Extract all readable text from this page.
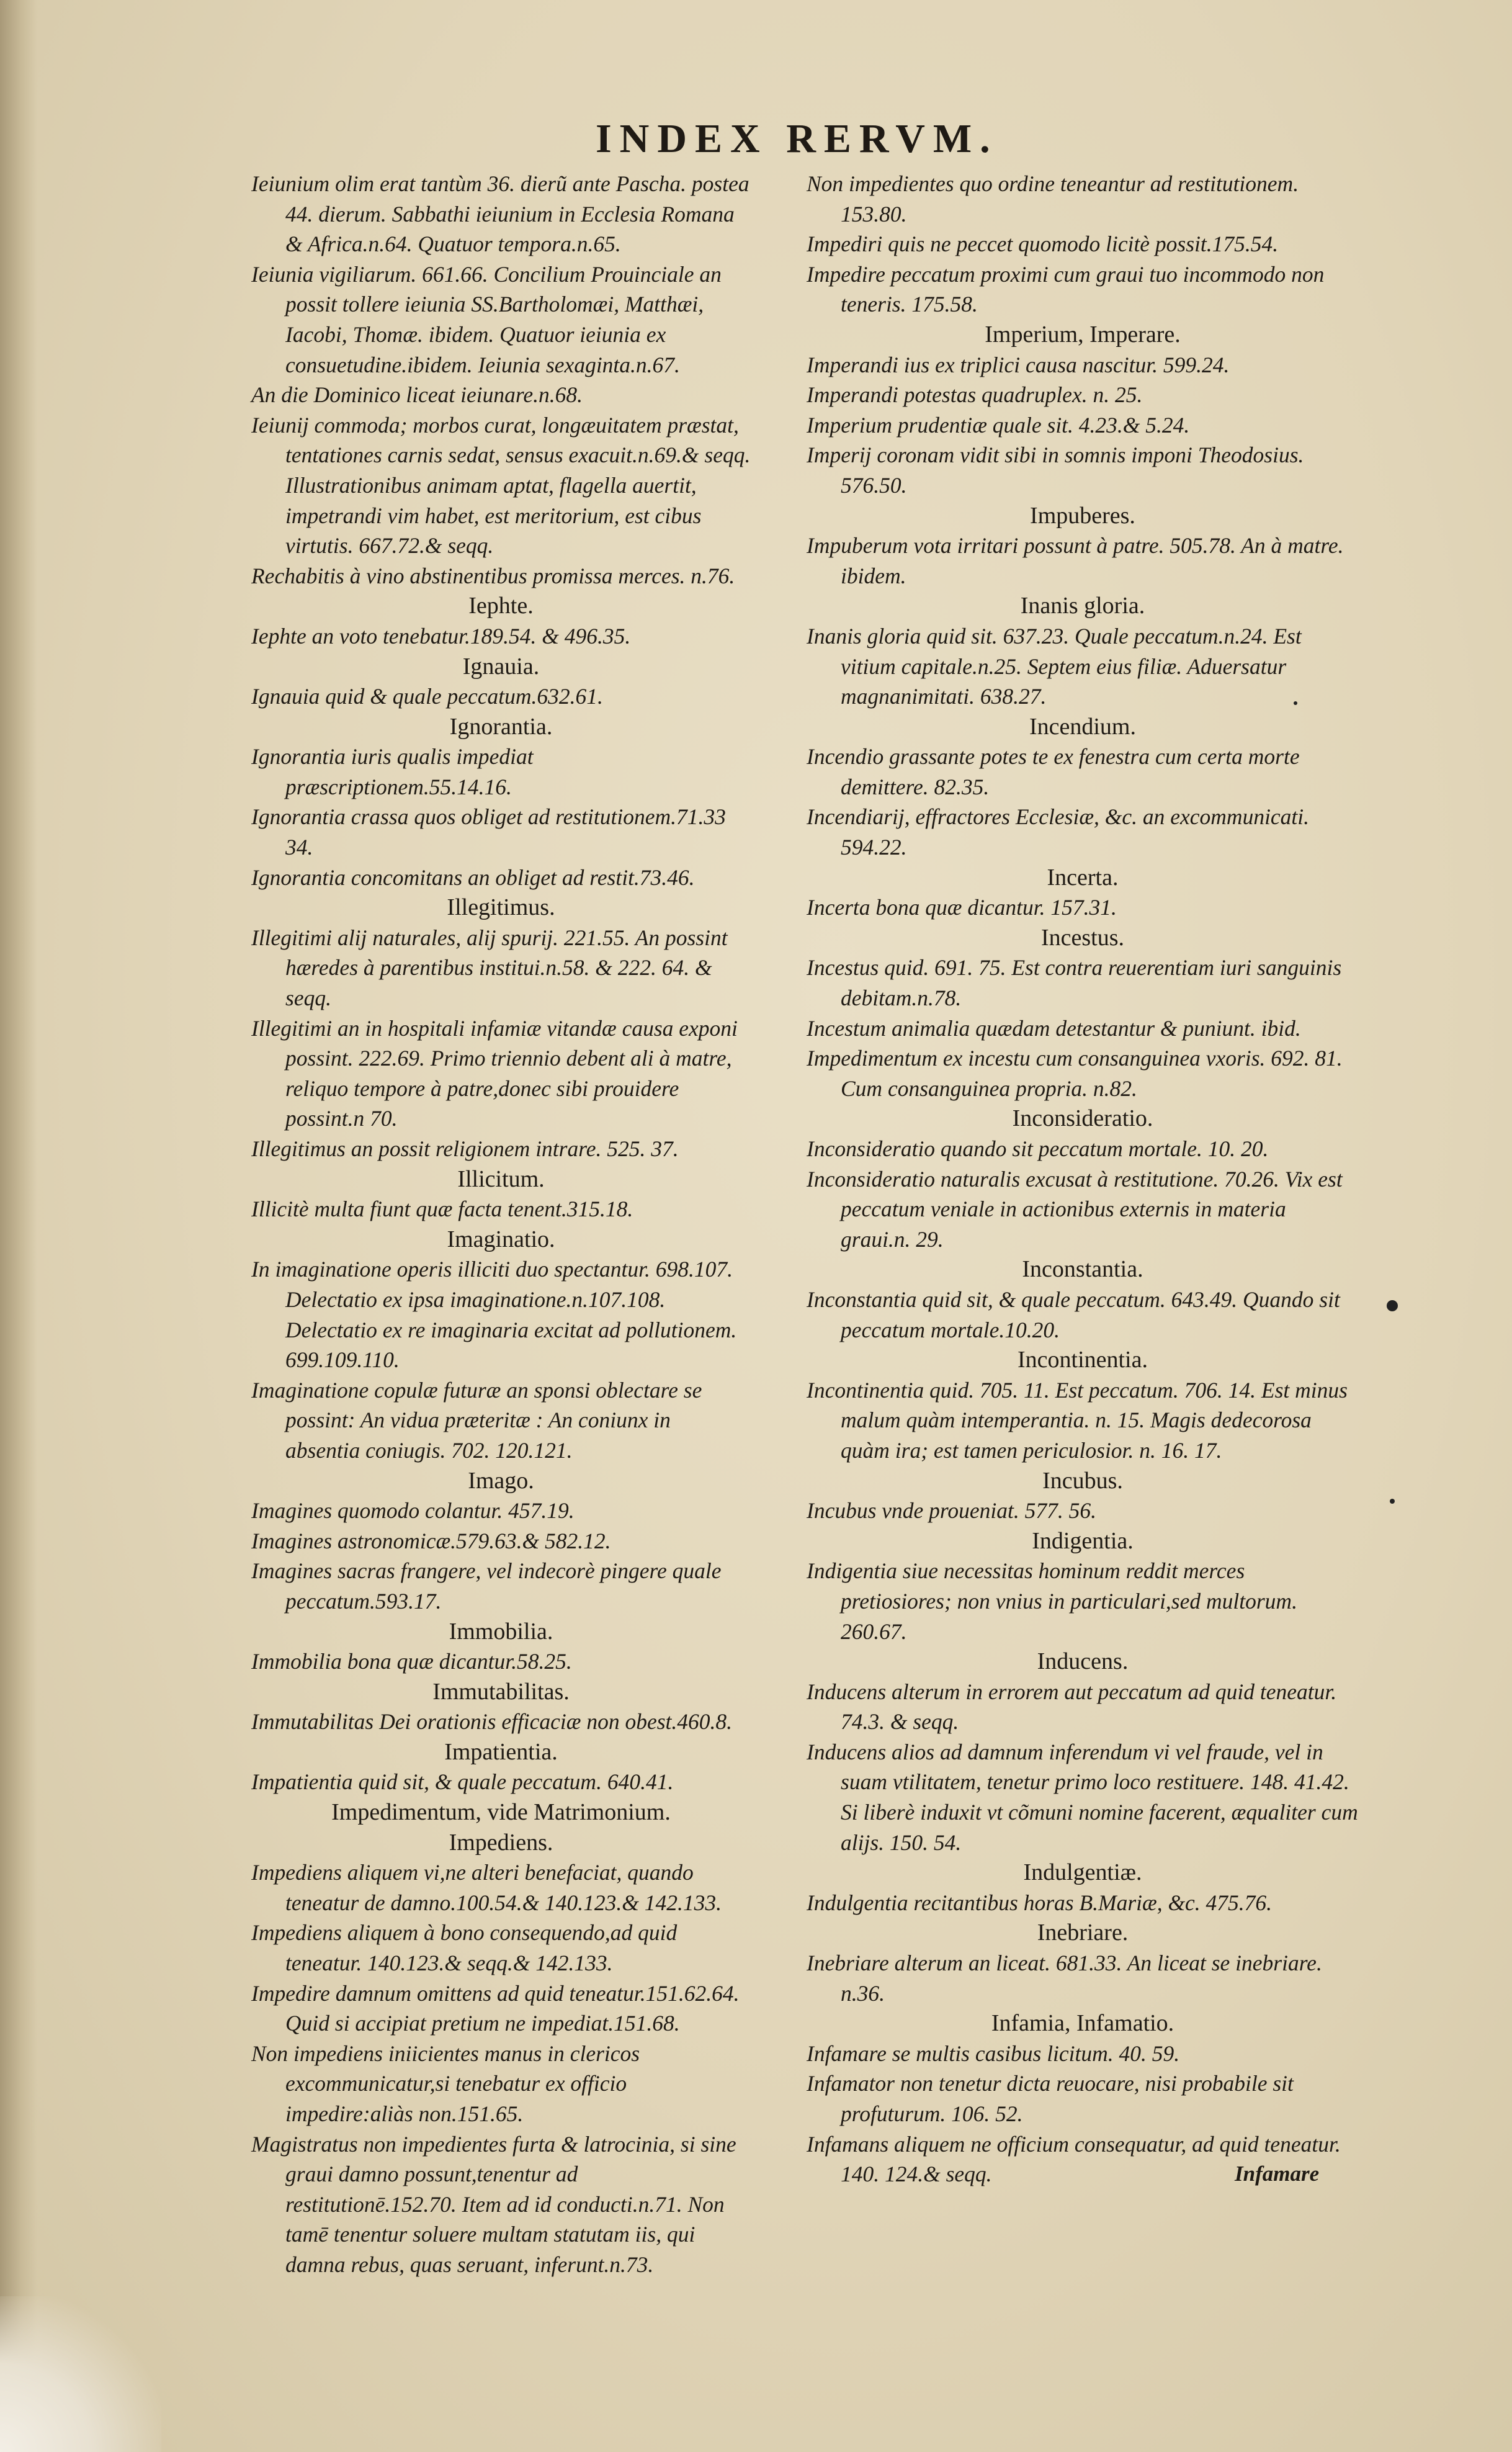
INDEX RERVM.
Ieiunium olim erat tantùm 36. dierũ ante Pascha. postea 44. dierum. Sabbathi ieiunium in Ecclesia Romana & Africa.n.64. Quatuor tempora.n.65.
Ieiunia vigiliarum. 661.66. Concilium Prouinciale an possit tollere ieiunia SS.Bartholomæi, Matthæi, Iacobi, Thomæ. ibidem. Quatuor ieiunia ex consuetudine.ibidem. Ieiunia sexaginta.n.67.
An die Dominico liceat ieiunare.n.68.
Ieiunij commoda; morbos curat, longæuitatem præstat, tentationes carnis sedat, sensus exacuit.n.69.& seqq. Illustrationibus animam aptat, flagella auertit, impetrandi vim habet, est meritorium, est cibus virtutis. 667.72.& seqq.
Rechabitis à vino abstinentibus promissa merces. n.76.
Iephte.
Iephte an voto tenebatur.189.54. & 496.35.
Ignauia.
Ignauia quid & quale peccatum.632.61.
Ignorantia.
Ignorantia iuris qualis impediat præscriptionem.55.14.16.
Ignorantia crassa quos obliget ad restitutionem.71.33 34.
Ignorantia concomitans an obliget ad restit.73.46.
Illegitimus.
Illegitimi alij naturales, alij spurij. 221.55. An possint hæredes à parentibus institui.n.58. & 222. 64. & seqq.
Illegitimi an in hospitali infamiæ vitandæ causa exponi possint. 222.69. Primo triennio debent ali à matre, reliquo tempore à patre,donec sibi prouidere possint.n 70.
Illegitimus an possit religionem intrare. 525. 37.
Illicitum.
Illicitè multa fiunt quæ facta tenent.315.18.
Imaginatio.
In imaginatione operis illiciti duo spectantur. 698.107. Delectatio ex ipsa imaginatione.n.107.108. Delectatio ex re imaginaria excitat ad pollutionem. 699.109.110.
Imaginatione copulæ futuræ an sponsi oblectare se possint: An vidua præteritæ : An coniunx in absentia coniugis. 702. 120.121.
Imago.
Imagines quomodo colantur. 457.19.
Imagines astronomicæ.579.63.& 582.12.
Imagines sacras frangere, vel indecorè pingere quale peccatum.593.17.
Immobilia.
Immobilia bona quæ dicantur.58.25.
Immutabilitas.
Immutabilitas Dei orationis efficaciæ non obest.460.8.
Impatientia.
Impatientia quid sit, & quale peccatum. 640.41.
Impedimentum, vide Matrimonium.
Impediens.
Impediens aliquem vi,ne alteri benefaciat, quando teneatur de damno.100.54.& 140.123.& 142.133.
Impediens aliquem à bono consequendo,ad quid teneatur. 140.123.& seqq.& 142.133.
Impedire damnum omittens ad quid teneatur.151.62.64. Quid si accipiat pretium ne impediat.151.68.
Non impediens iniicientes manus in clericos excommunicatur,si tenebatur ex officio impedire:aliàs non.151.65.
Magistratus non impedientes furta & latrocinia, si sine graui damno possunt,tenentur ad restitutionē.152.70. Item ad id conducti.n.71. Non tamē tenentur soluere multam statutam iis, qui damna rebus, quas seruant, inferunt.n.73.
Non impedientes quo ordine teneantur ad restitutionem. 153.80.
Impediri quis ne peccet quomodo licitè possit.175.54.
Impedire peccatum proximi cum graui tuo incommodo non teneris. 175.58.
Imperium, Imperare.
Imperandi ius ex triplici causa nascitur. 599.24.
Imperandi potestas quadruplex. n. 25.
Imperium prudentiæ quale sit. 4.23.& 5.24.
Imperij coronam vidit sibi in somnis imponi Theodosius. 576.50.
Impuberes.
Impuberum vota irritari possunt à patre. 505.78. An à matre. ibidem.
Inanis gloria.
Inanis gloria quid sit. 637.23. Quale peccatum.n.24. Est vitium capitale.n.25. Septem eius filiæ. Aduersatur magnanimitati. 638.27.
Incendium.
Incendio grassante potes te ex fenestra cum certa morte demittere. 82.35.
Incendiarij, effractores Ecclesiæ, &c. an excommunicati. 594.22.
Incerta.
Incerta bona quæ dicantur. 157.31.
Incestus.
Incestus quid. 691. 75. Est contra reuerentiam iuri sanguinis debitam.n.78.
Incestum animalia quædam detestantur & puniunt. ibid.
Impedimentum ex incestu cum consanguinea vxoris. 692. 81. Cum consanguinea propria. n.82.
Inconsideratio.
Inconsideratio quando sit peccatum mortale. 10. 20.
Inconsideratio naturalis excusat à restitutione. 70.26. Vix est peccatum veniale in actionibus externis in materia graui.n. 29.
Inconstantia.
Inconstantia quid sit, & quale peccatum. 643.49. Quando sit peccatum mortale.10.20.
Incontinentia.
Incontinentia quid. 705. 11. Est peccatum. 706. 14. Est minus malum quàm intemperantia. n. 15. Magis dedecorosa quàm ira; est tamen periculosior. n. 16. 17.
Incubus.
Incubus vnde proueniat. 577. 56.
Indigentia.
Indigentia siue necessitas hominum reddit merces pretiosiores; non vnius in particulari,sed multorum. 260.67.
Inducens.
Inducens alterum in errorem aut peccatum ad quid teneatur. 74.3. & seqq.
Inducens alios ad damnum inferendum vi vel fraude, vel in suam vtilitatem, tenetur primo loco restituere. 148. 41.42. Si liberè induxit vt cõmuni nomine facerent, æqualiter cum alijs. 150. 54.
Indulgentiæ.
Indulgentia recitantibus horas B.Mariæ, &c. 475.76.
Inebriare.
Inebriare alterum an liceat. 681.33. An liceat se inebriare. n.36.
Infamia, Infamatio.
Infamare se multis casibus licitum. 40. 59.
Infamator non tenetur dicta reuocare, nisi probabile sit profuturum. 106. 52.
Infamans aliquem ne officium consequatur, ad quid teneatur. 140. 124.& seqq.	Infamare
